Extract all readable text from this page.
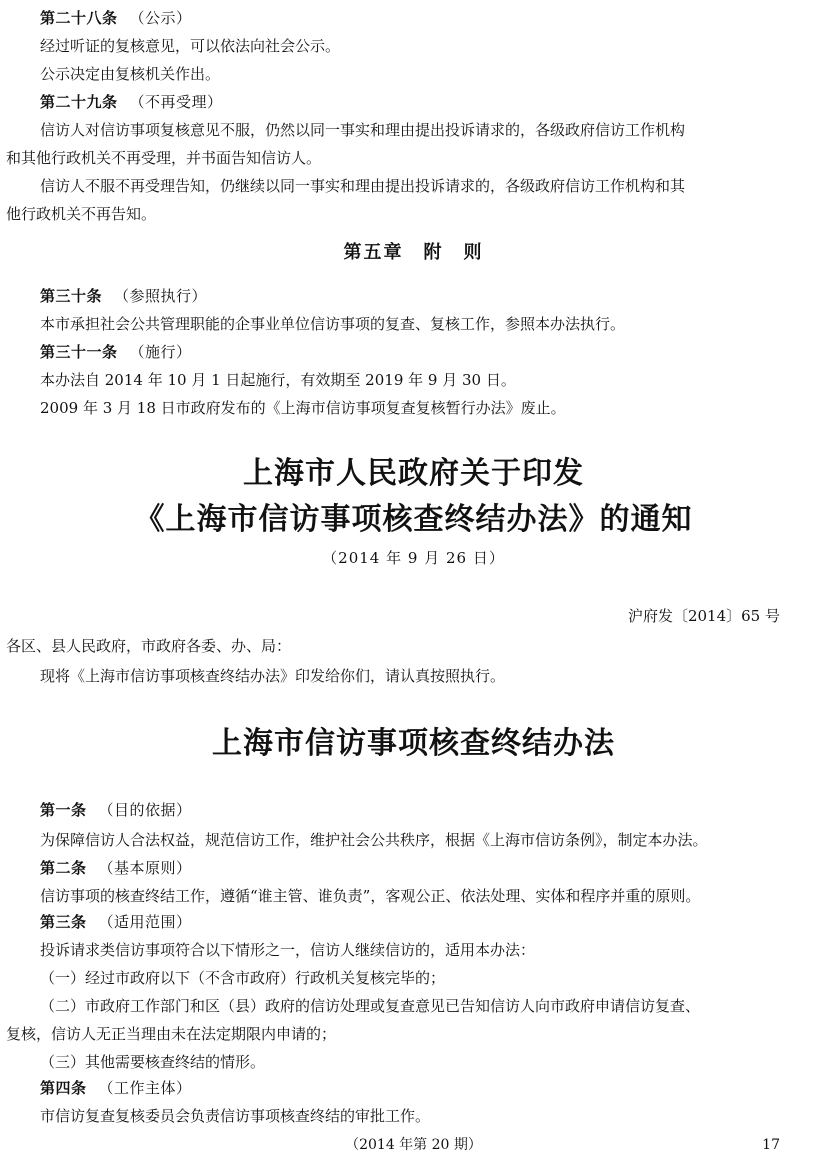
第二十八条 （公示）
经过听证的复核意见，可以依法向社会公示。
公示决定由复核机关作出。
第二十九条 （不再受理）
信访人对信访事项复核意见不服，仍然以同一事实和理由提出投诉请求的，各级政府信访工作机构
和其他行政机关不再受理，并书面告知信访人。
信访人不服不再受理告知，仍继续以同一事实和理由提出投诉请求的，各级政府信访工作机构和其
他行政机关不再告知。
第五章　附　则
第三十条 （参照执行）
本市承担社会公共管理职能的企事业单位信访事项的复查、复核工作，参照本办法执行。
第三十一条 （施行）
本办法自 2014 年 10 月 1 日起施行，有效期至 2019 年 9 月 30 日。
2009 年 3 月 18 日市政府发布的《上海市信访事项复查复核暂行办法》废止。
上海市人民政府关于印发
《上海市信访事项核查终结办法》的通知
（2014 年 9 月 26 日）
沪府发〔2014〕65 号
各区、县人民政府，市政府各委、办、局：
现将《上海市信访事项核查终结办法》印发给你们，请认真按照执行。
上海市信访事项核查终结办法
第一条 （目的依据）
为保障信访人合法权益，规范信访工作，维护社会公共秩序，根据《上海市信访条例》，制定本办法。
第二条 （基本原则）
信访事项的核查终结工作，遵循“谁主管、谁负责”，客观公正、依法处理、实体和程序并重的原则。
第三条 （适用范围）
投诉请求类信访事项符合以下情形之一，信访人继续信访的，适用本办法：
（一）经过市政府以下（不含市政府）行政机关复核完毕的；
（二）市政府工作部门和区（县）政府的信访处理或复查意见已告知信访人向市政府申请信访复查、
复核，信访人无正当理由未在法定期限内申请的；
（三）其他需要核查终结的情形。
第四条 （工作主体）
市信访复查复核委员会负责信访事项核查终结的审批工作。
（2014 年第 20 期）	17
